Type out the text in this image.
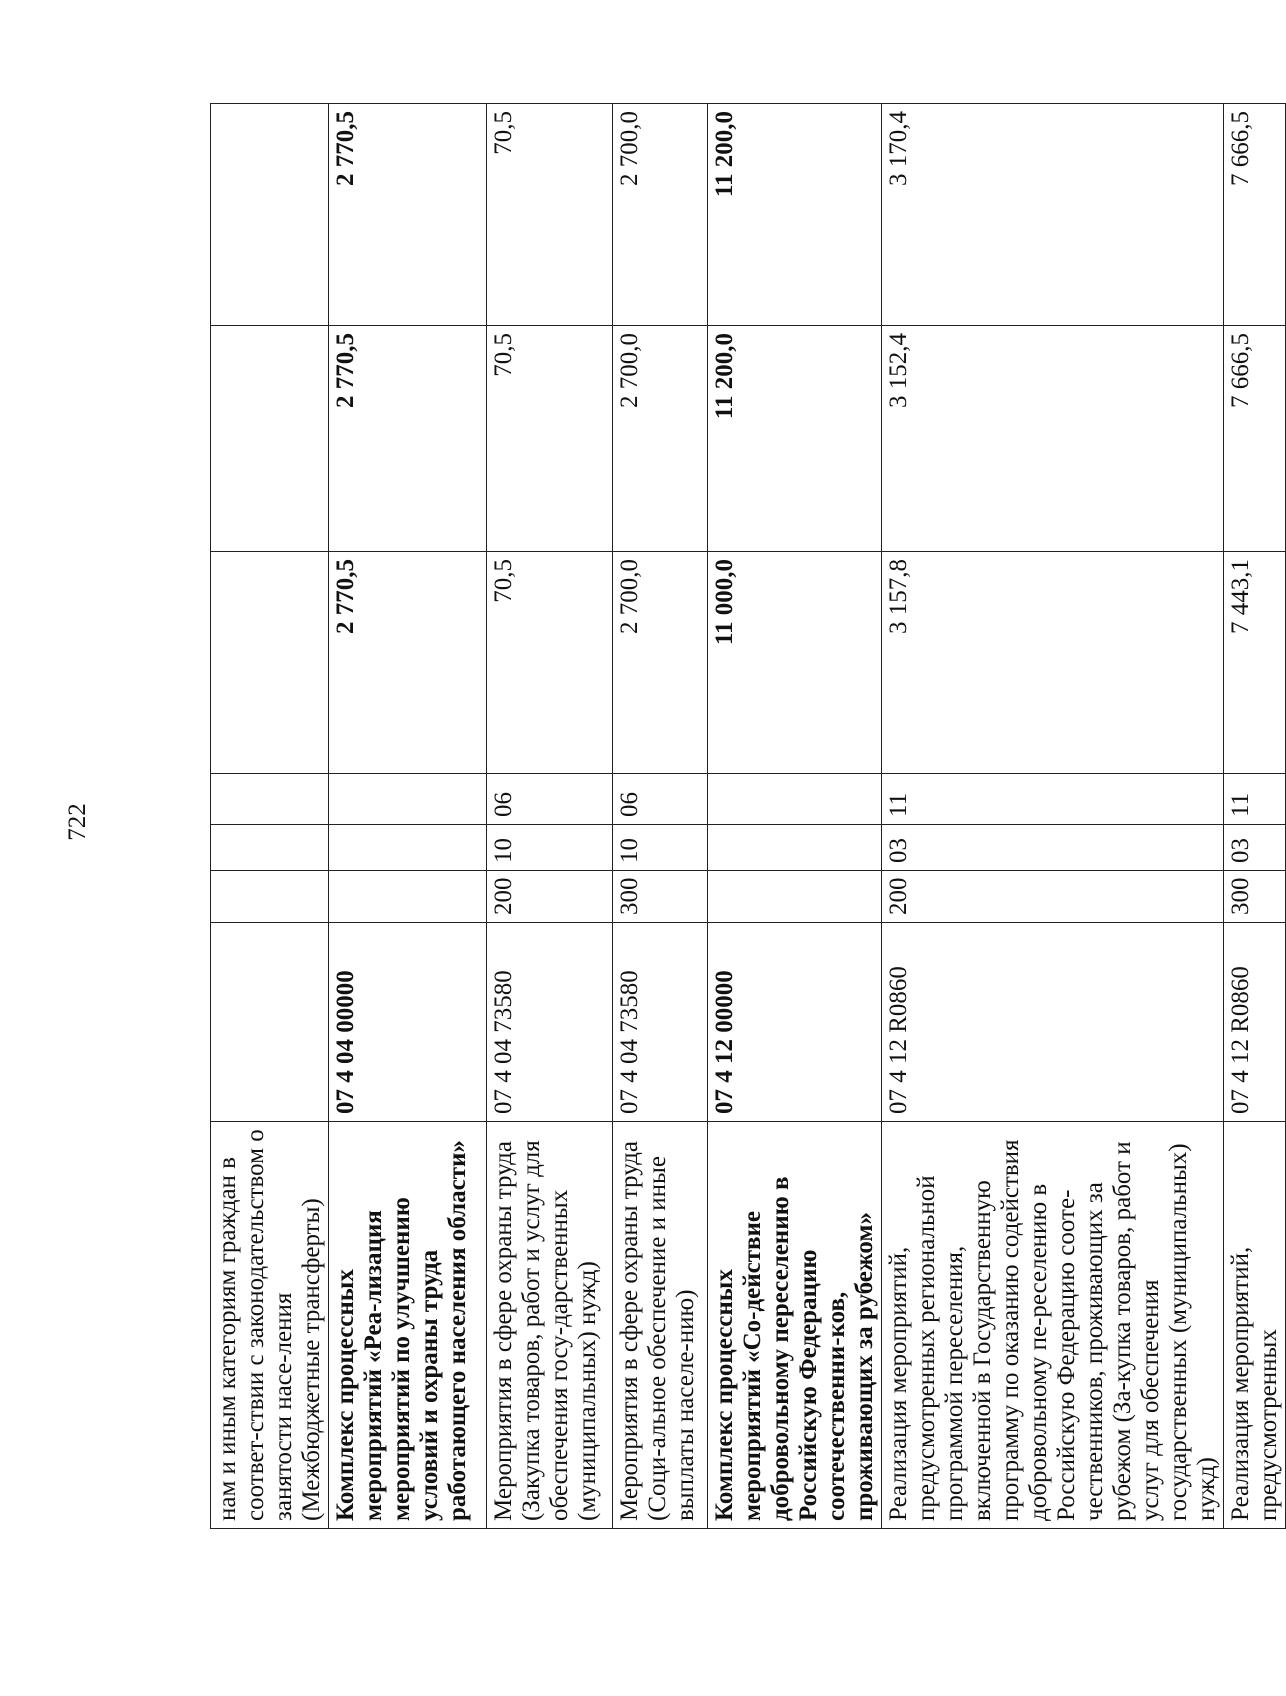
722
нам и иным категориям граждан в соответ-ствии с законодательством о занятости насе-ления (Межбюджетные трансферты)							
Комплекс процессных мероприятий «Реа-лизация мероприятий по улучшению условий и охраны труда работающего населения области»	07 4 04 00000				2 770,5	2 770,5	2 770,5
Мероприятия в сфере охраны труда (Закупка товаров, работ и услуг для обеспечения госу-дарственных (муниципальных) нужд)	07 4 04 73580	200	10	06	70,5	70,5	70,5
Мероприятия в сфере охраны труда (Соци-альное обеспечение и иные выплаты населе-нию)	07 4 04 73580	300	10	06	2 700,0	2 700,0	2 700,0
Комплекс процессных мероприятий «Со-действие добровольному переселению в Российскую Федерацию соотечественни-ков, проживающих за рубежом»	07 4 12 00000				11 000,0	11 200,0	11 200,0
Реализация мероприятий, предусмотренных региональной программой переселения, включенной в Государственную программу по оказанию содействия добровольному пе-реселению в Российскую Федерацию сооте-чественников, проживающих за рубежом (За-купка товаров, работ и услуг для обеспечения государственных (муниципальных) нужд)	07 4 12 R0860	200	03	11	3 157,8	3 152,4	3 170,4
Реализация мероприятий, предусмотренных	07 4 12 R0860	300	03	11	7 443,1	7 666,5	7 666,5
